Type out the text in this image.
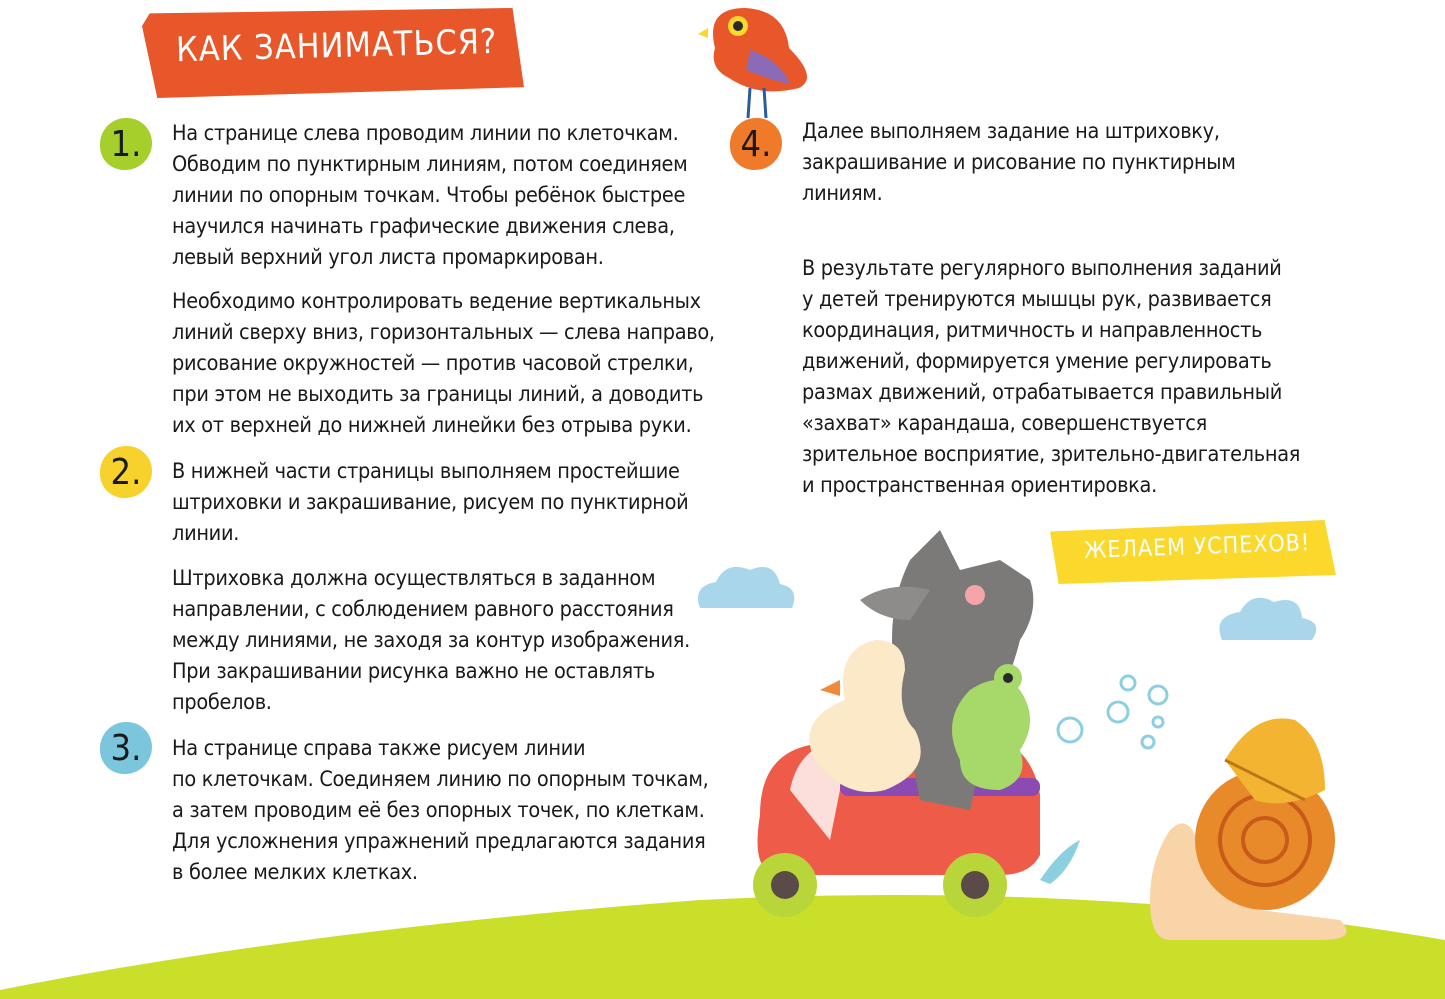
КАК ЗАНИМАТЬСЯ?
1.
2.
3.
4.

На странице слева проводим линии по клеточкам.
Обводим по пунктирным линиям, потом соединяем
линии по опорным точкам. Чтобы ребёнок быстрее
научился начинать графические движения слева,
левый верхний угол листа промаркирован.

Необходимо контролировать ведение вертикальных
линий сверху вниз, горизонтальных — слева направо,
рисование окружностей — против часовой стрелки,
при этом не выходить за границы линий, а доводить
их от верхней до нижней линейки без отрыва руки.

В нижней части страницы выполняем простейшие
штриховки и закрашивание, рисуем по пунктирной
линии.

Штриховка должна осуществляться в заданном
направлении, с соблюдением равного расстояния
между линиями, не заходя за контур изображения.
При закрашивании рисунка важно не оставлять
пробелов.

На странице справа также рисуем линии
по клеточкам. Соединяем линию по опорным точкам,
а затем проводим её без опорных точек, по клеткам.
Для усложнения упражнений предлагаются задания
в более мелких клетках.

Далее выполняем задание на штриховку,
закрашивание и рисование по пунктирным
линиям.

В результате регулярного выполнения заданий
у детей тренируются мышцы рук, развивается
координация, ритмичность и направленность
движений, формируется умение регулировать
размах движений, отрабатывается правильный
«захват» карандаша, совершенствуется
зрительное восприятие, зрительно-двигательная
и пространственная ориентировка.

ЖЕЛАЕМ УСПЕХОВ!
